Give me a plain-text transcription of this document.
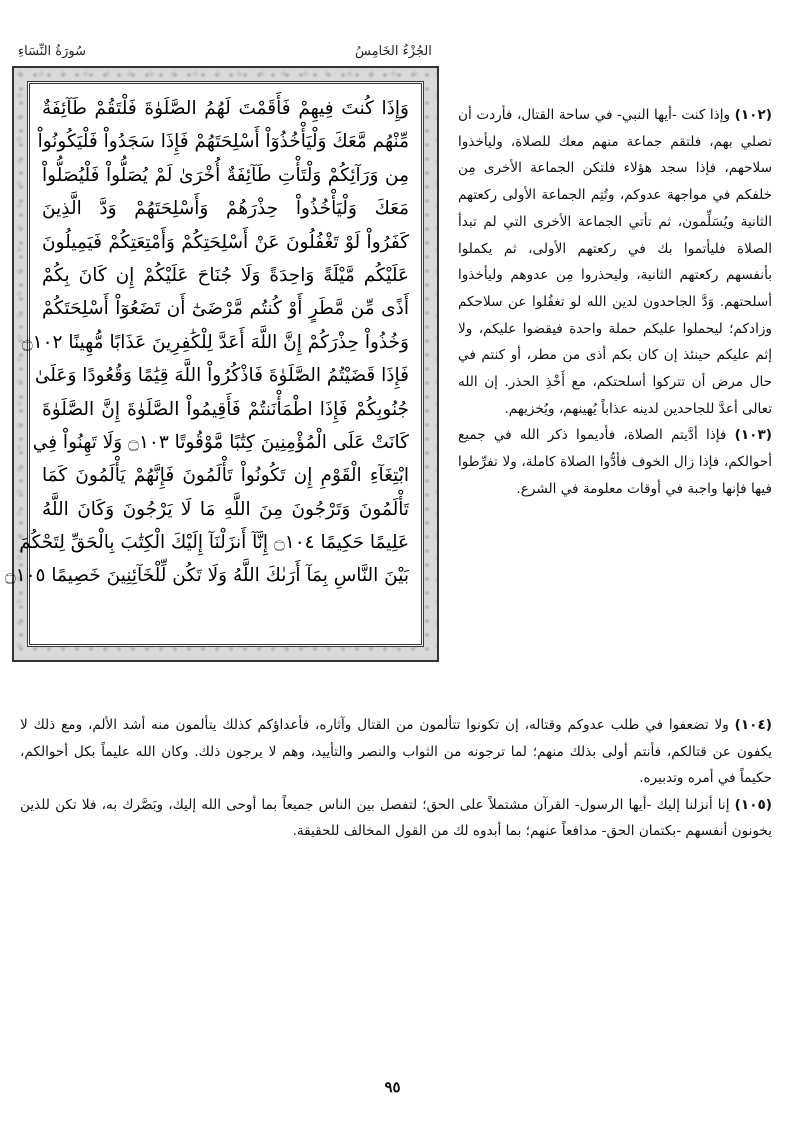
سُورَةُ النِّسَاءِ	الجُزْءُ الخَامِسُ
وَإِذَا كُنتَ فِيهِمْ فَأَقَمْتَ لَهُمُ الصَّلَوٰةَ فَلْتَقُمْ طَآئِفَةٌ
مِّنْهُم مَّعَكَ وَلْيَأْخُذُوٓاْ أَسْلِحَتَهُمْ فَإِذَا سَجَدُواْ فَلْيَكُونُواْ
مِن وَرَآئِكُمْ وَلْتَأْتِ طَآئِفَةٌ أُخْرَىٰ لَمْ يُصَلُّواْ فَلْيُصَلُّواْ
مَعَكَ وَلْيَأْخُذُواْ حِذْرَهُمْ وَأَسْلِحَتَهُمْ وَدَّ الَّذِينَ
كَفَرُواْ لَوْ تَغْفُلُونَ عَنْ أَسْلِحَتِكُمْ وَأَمْتِعَتِكُمْ فَيَمِيلُونَ
عَلَيْكُم مَّيْلَةً وَاحِدَةً وَلَا جُنَاحَ عَلَيْكُمْ إِن كَانَ بِكُمْ
أَذًى مِّن مَّطَرٍ أَوْ كُنتُم مَّرْضَىٰٓ أَن تَضَعُوٓاْ أَسْلِحَتَكُمْ
وَخُذُواْ حِذْرَكُمْ إِنَّ اللَّهَ أَعَدَّ لِلْكَٰفِرِينَ عَذَابًا مُّهِينًا ۝١٠٢
فَإِذَا قَضَيْتُمُ الصَّلَوٰةَ فَاذْكُرُواْ اللَّهَ قِيَٰمًا وَقُعُودًا وَعَلَىٰ
جُنُوبِكُمْ فَإِذَا اطْمَأْنَنتُمْ فَأَقِيمُواْ الصَّلَوٰةَ إِنَّ الصَّلَوٰةَ
كَانَتْ عَلَى الْمُؤْمِنِينَ كِتَٰبًا مَّوْقُوتًا ۝١٠٣ وَلَا تَهِنُواْ فِي
ابْتِغَآءِ الْقَوْمِ إِن تَكُونُواْ تَأْلَمُونَ فَإِنَّهُمْ يَأْلَمُونَ كَمَا
تَأْلَمُونَ وَتَرْجُونَ مِنَ اللَّهِ مَا لَا يَرْجُونَ وَكَانَ اللَّهُ
عَلِيمًا حَكِيمًا ۝١٠٤ إِنَّآ أَنزَلْنَآ إِلَيْكَ الْكِتَٰبَ بِالْحَقِّ لِتَحْكُمَ
بَيْنَ النَّاسِ بِمَآ أَرَىٰكَ اللَّهُ وَلَا تَكُن لِّلْخَآئِنِينَ خَصِيمًا ۝١٠٥

(١٠٢) وإذا كنت -أيها النبي- في ساحة القتال، فأردت أن تصلي بهم، فلتقم جماعة منهم معك للصلاة، وليأخذوا سلاحهم، فإذا سجد هؤلاء فلتكن الجماعة الأخرى مِن خلفكم في مواجهة عدوكم، وتُتِم الجماعة الأولى ركعتهم الثانية ويُسَلِّمون، ثم تأتي الجماعة الأخرى التي لم تبدأ الصلاة فليأتموا بك في ركعتهم الأولى، ثم يكملوا بأنفسهم ركعتهم الثانية، وليحذروا مِن عدوهم وليأخذوا أسلحتهم. وَدَّ الجاحدون لدين الله لو تغفُلوا عن سلاحكم وزادكم؛ ليحملوا عليكم حملة واحدة فيقضوا عليكم، ولا إثم عليكم حينئذ إن كان بكم أذى من مطر، أو كنتم في حال مرض أن تتركوا أسلحتكم، مع أَخْذِ الحذر. إن الله تعالى أعدَّ للجاحدين لدينه عذاباً يُهينهم، ويُخزيهم.

(١٠٣) فإذا أدَّيتم الصلاة، فأديموا ذكر الله في جميع أحوالكم، فإذا زال الخوف فأدُّوا الصلاة كاملة، ولا تفرِّطوا فيها فإنها واجبة في أوقات معلومة في الشرع.

(١٠٤) ولا تضعفوا في طلب عدوكم وقتاله، إن تكونوا تتألمون من القتال وآثاره، فأعداؤكم كذلك يتألمون منه أشد الألم، ومع ذلك لا يكفون عن قتالكم، فأنتم أولى بذلك منهم؛ لما ترجونه من الثواب والنصر والتأييد، وهم لا يرجون ذلك. وكان الله عليماً بكل أحوالكم، حكيماً في أمره وتدبيره.

(١٠٥) إنا أنزلنا إليك -أيها الرسول- القرآن مشتملاً على الحق؛ لتفصل بين الناس جميعاً بما أوحى الله إليك، وبَصَّرك به، فلا تكن للذين يخونون أنفسهم -بكتمان الحق- مدافعاً عنهم؛ بما أبدوه لك من القول المخالف للحقيقة.

٩٥
